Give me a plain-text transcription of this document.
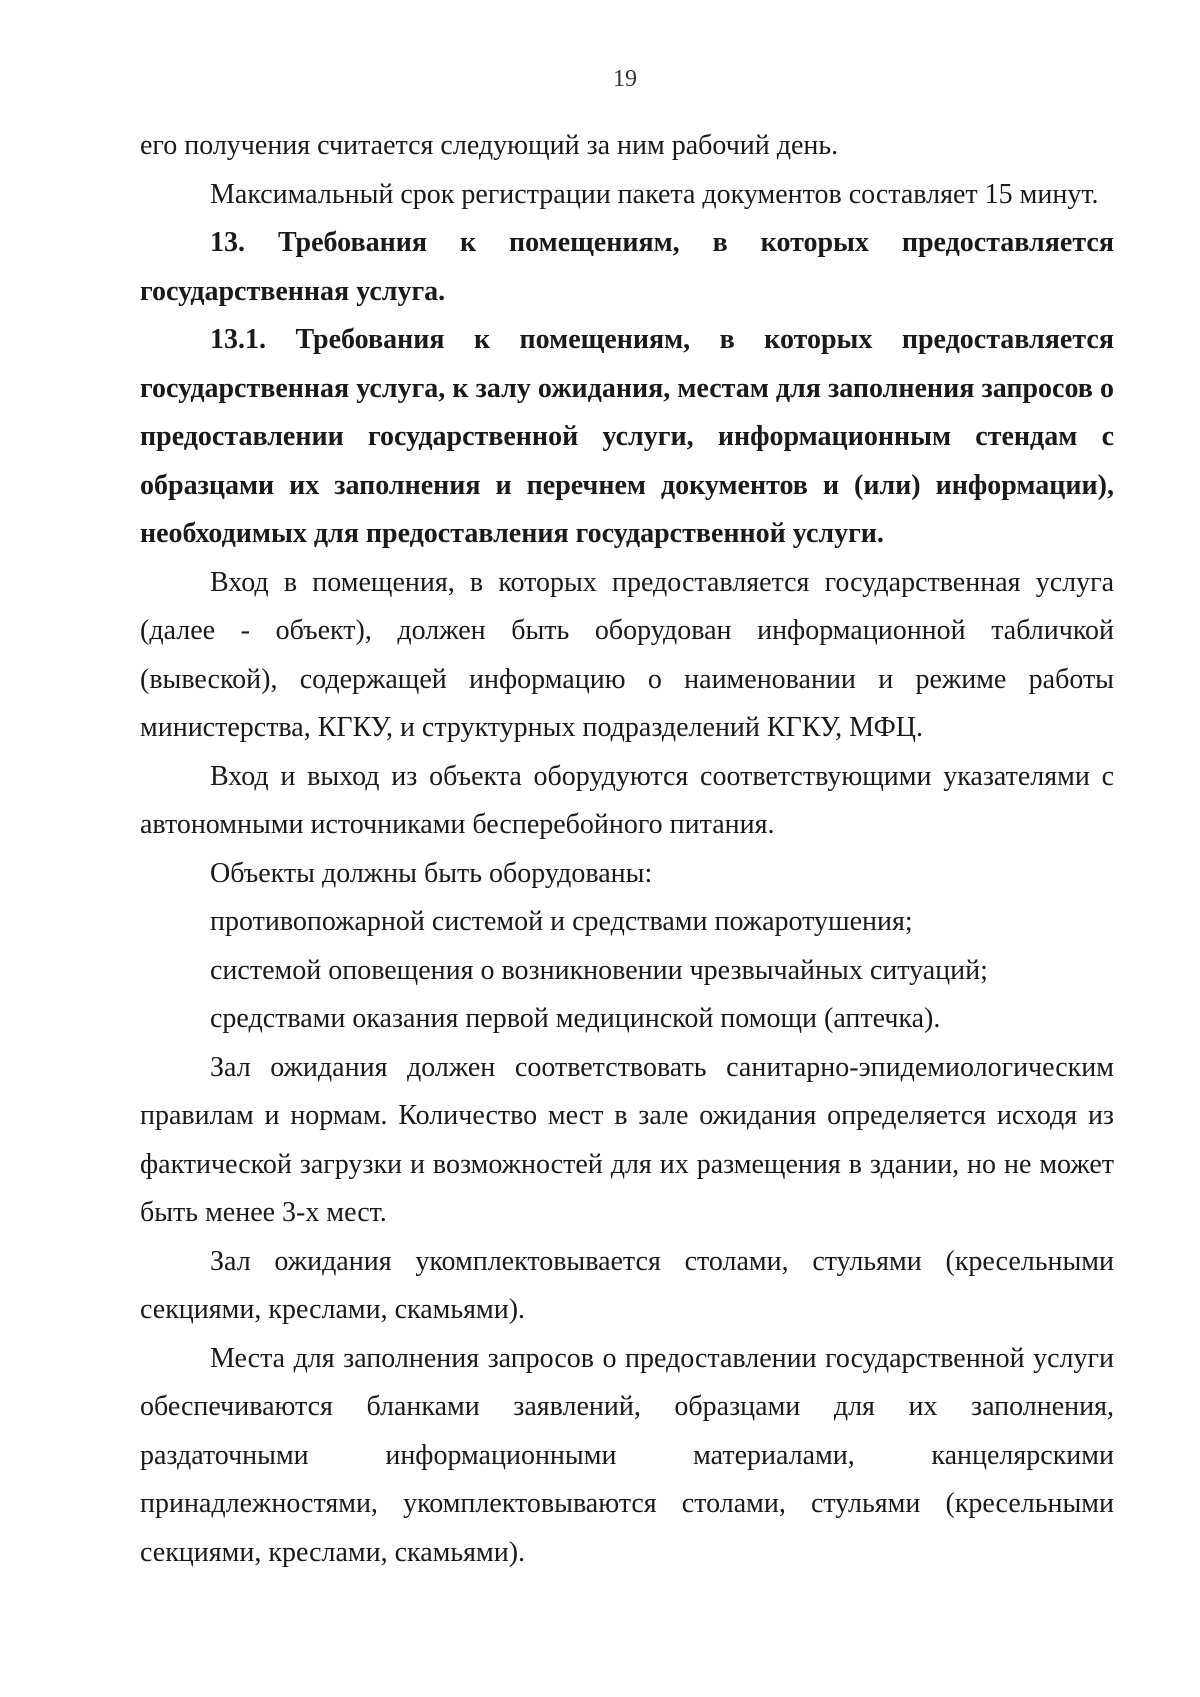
19

его получения считается следующий за ним рабочий день.

Максимальный срок регистрации пакета документов составляет 15 минут.

13. Требования к помещениям, в которых предоставляется государственная услуга.

13.1. Требования к помещениям, в которых предоставляется государственная услуга, к залу ожидания, местам для заполнения запросов о предоставлении государственной услуги, информационным стендам с образцами их заполнения и перечнем документов и (или) информации), необходимых для предоставления государственной услуги.

Вход в помещения, в которых предоставляется государственная услуга (далее - объект), должен быть оборудован информационной табличкой (вывеской), содержащей информацию о наименовании и режиме работы министерства, КГКУ, и структурных подразделений КГКУ, МФЦ.

Вход и выход из объекта оборудуются соответствующими указателями с автономными источниками бесперебойного питания.

Объекты должны быть оборудованы:

противопожарной системой и средствами пожаротушения;

системой оповещения о возникновении чрезвычайных ситуаций;

средствами оказания первой медицинской помощи (аптечка).

Зал ожидания должен соответствовать санитарно-эпидемиологическим правилам и нормам. Количество мест в зале ожидания определяется исходя из фактической загрузки и возможностей для их размещения в здании, но не может быть менее 3-х мест.

Зал ожидания укомплектовывается столами, стульями (кресельными секциями, креслами, скамьями).

Места для заполнения запросов о предоставлении государственной услуги обеспечиваются бланками заявлений, образцами для их заполнения, раздаточными информационными материалами, канцелярскими принадлежностями, укомплектовываются столами, стульями (кресельными секциями, креслами, скамьями).
